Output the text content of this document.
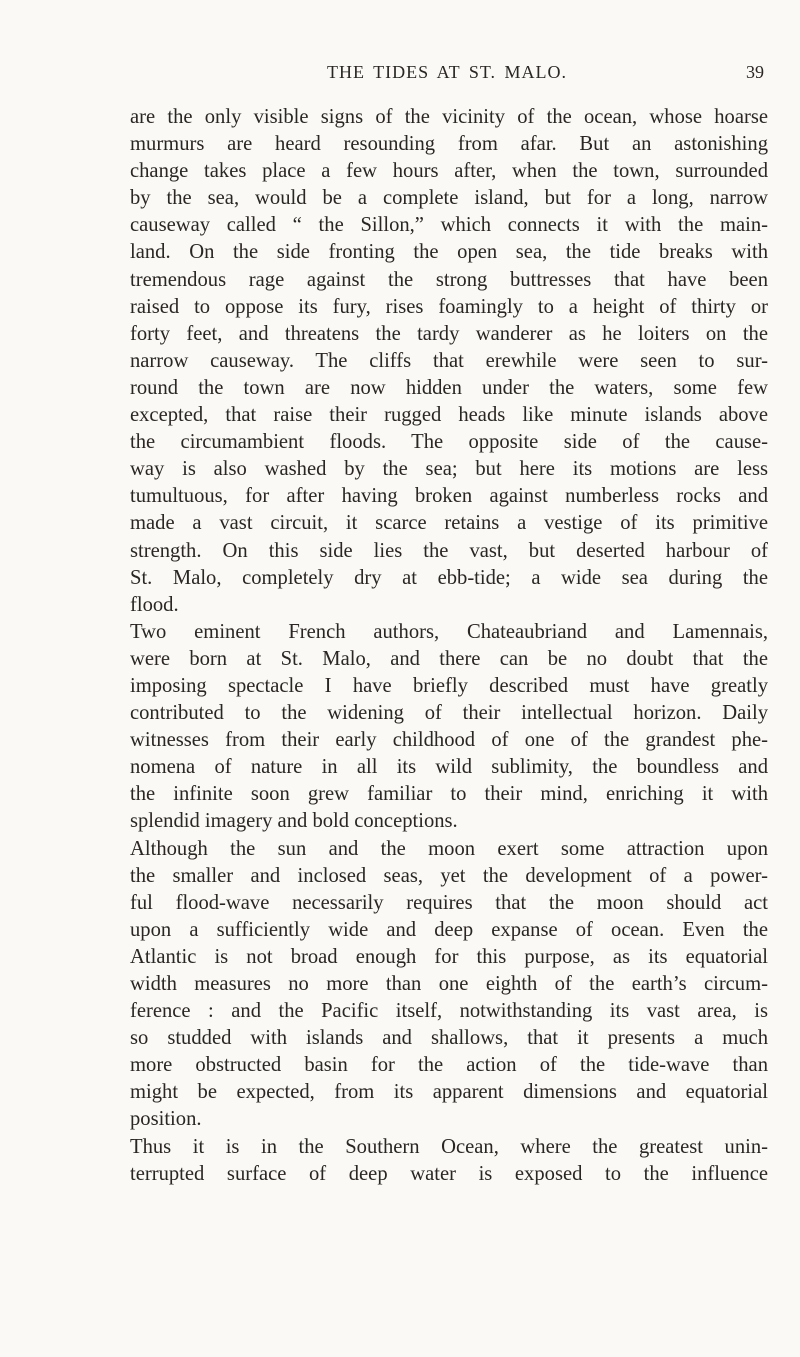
THE TIDES AT ST. MALO.	39
are the only visible signs of the vicinity of the ocean, whose hoarse
murmurs are heard resounding from afar. But an astonishing
change takes place a few hours after, when the town, surrounded
by the sea, would be a complete island, but for a long, narrow
causeway called “ the Sillon,” which connects it with the main-
land. On the side fronting the open sea, the tide breaks with
tremendous rage against the strong buttresses that have been
raised to oppose its fury, rises foamingly to a height of thirty or
forty feet, and threatens the tardy wanderer as he loiters on the
narrow causeway. The cliffs that erewhile were seen to sur-
round the town are now hidden under the waters, some few
excepted, that raise their rugged heads like minute islands above
the circumambient floods. The opposite side of the cause-
way is also washed by the sea; but here its motions are less
tumultuous, for after having broken against numberless rocks and
made a vast circuit, it scarce retains a vestige of its primitive
strength. On this side lies the vast, but deserted harbour of
St. Malo, completely dry at ebb-tide; a wide sea during the
flood.
Two eminent French authors, Chateaubriand and Lamennais,
were born at St. Malo, and there can be no doubt that the
imposing spectacle I have briefly described must have greatly
contributed to the widening of their intellectual horizon. Daily
witnesses from their early childhood of one of the grandest phe-
nomena of nature in all its wild sublimity, the boundless and
the infinite soon grew familiar to their mind, enriching it with
splendid imagery and bold conceptions.
Although the sun and the moon exert some attraction upon
the smaller and inclosed seas, yet the development of a power-
ful flood-wave necessarily requires that the moon should act
upon a sufficiently wide and deep expanse of ocean. Even the
Atlantic is not broad enough for this purpose, as its equatorial
width measures no more than one eighth of the earth’s circum-
ference : and the Pacific itself, notwithstanding its vast area, is
so studded with islands and shallows, that it presents a much
more obstructed basin for the action of the tide-wave than
might be expected, from its apparent dimensions and equatorial
position.
Thus it is in the Southern Ocean, where the greatest unin-
terrupted surface of deep water is exposed to the influence
